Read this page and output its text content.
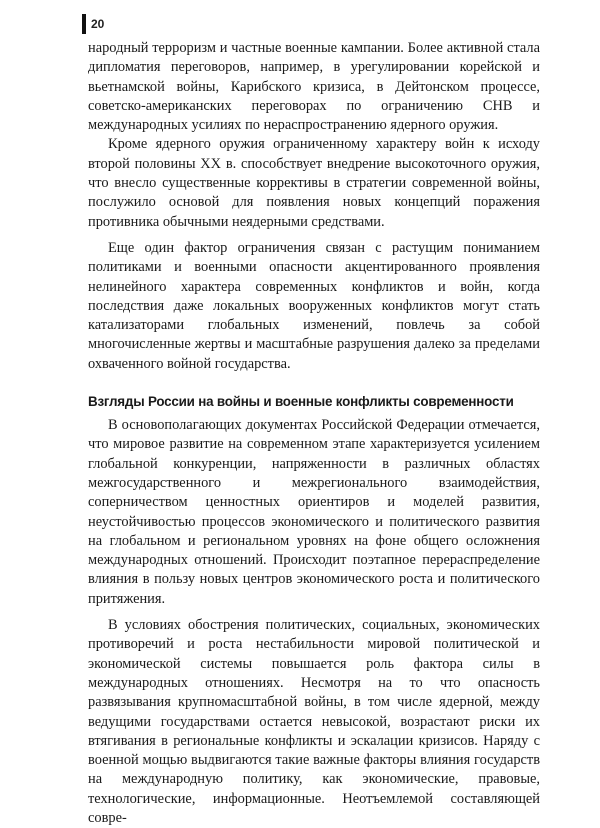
20

народный терроризм и частные военные кампании. Более активной стала дипломатия переговоров, например, в урегулировании корейской и вьетнамской войны, Карибского кризиса, в Дейтонском процессе, советско-американских переговорах по ограничению СНВ и международных усилиях по нераспространению ядерного оружия.

Кроме ядерного оружия ограниченному характеру войн к исходу второй половины XX в. способствует внедрение высокоточного оружия, что внесло существенные коррективы в стратегии современной войны, послужило основой для появления новых концепций поражения противника обычными неядерными средствами.

Еще один фактор ограничения связан с растущим пониманием политиками и военными опасности акцентированного проявления нелинейного характера современных конфликтов и войн, когда последствия даже локальных вооруженных конфликтов могут стать катализаторами глобальных изменений, повлечь за собой многочисленные жертвы и масштабные разрушения далеко за пределами охваченного войной государства.

Взгляды России на войны и военные конфликты современности

В основополагающих документах Российской Федерации отмечается, что мировое развитие на современном этапе характеризуется усилением глобальной конкуренции, напряженности в различных областях межгосударственного и межрегионального взаимодействия, соперничеством ценностных ориентиров и моделей развития, неустойчивостью процессов экономического и политического развития на глобальном и региональном уровнях на фоне общего осложнения международных отношений. Происходит поэтапное перераспределение влияния в пользу новых центров экономического роста и политического притяжения.

В условиях обострения политических, социальных, экономических противоречий и роста нестабильности мировой политической и экономической системы повышается роль фактора силы в международных отношениях. Несмотря на то что опасность развязывания крупномасштабной войны, в том числе ядерной, между ведущими государствами остается невысокой, возрастают риски их втягивания в региональные конфликты и эскалации кризисов. Наряду с военной мощью выдвигаются такие важные факторы влияния государств на международную политику, как экономические, правовые, технологические, информационные. Неотъемлемой составляющей совре-
